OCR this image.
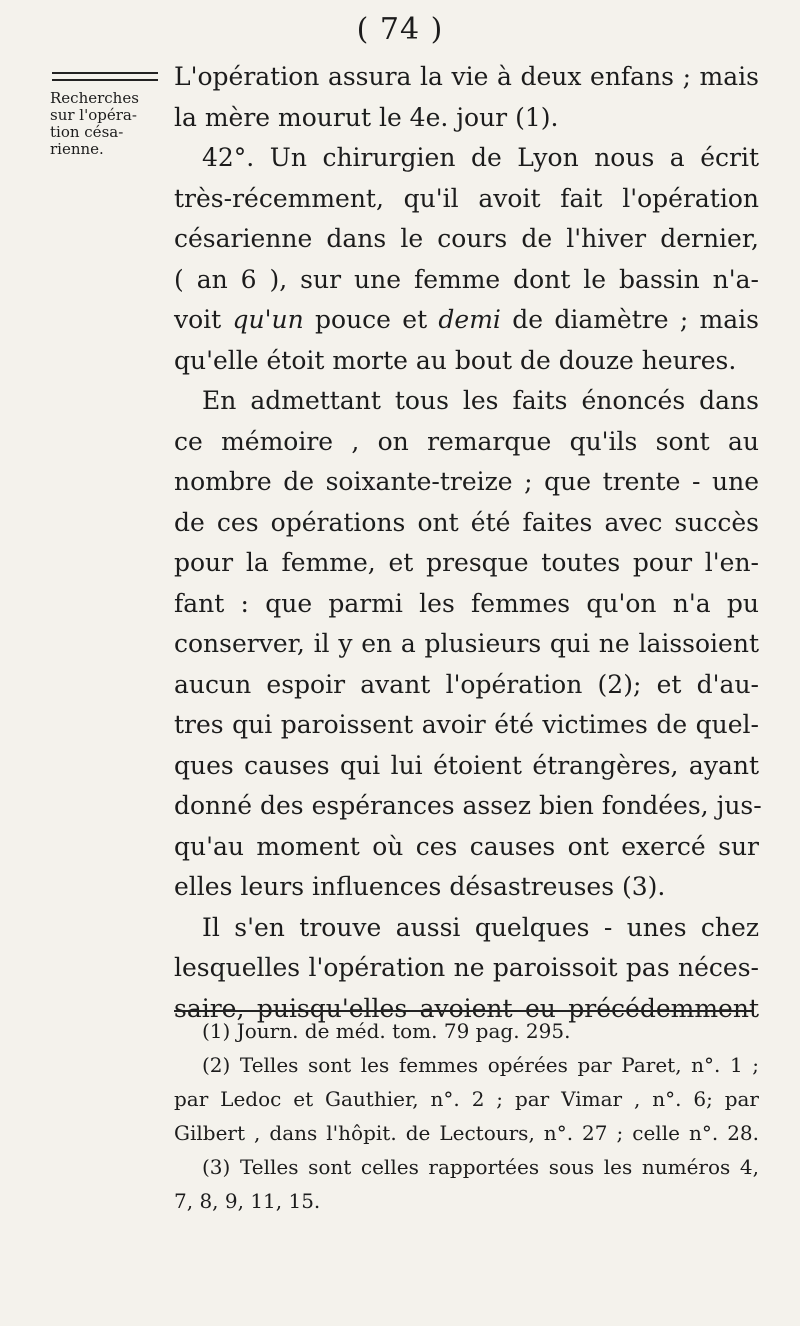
( 74 )
Recherches
sur l'opéra-
tion césa-
rienne.
L'opération assura la vie à deux enfans ; mais
la mère mourut le 4e. jour (1).
42°. Un chirurgien de Lyon nous a écrit
très-récemment, qu'il avoit fait l'opération
césarienne dans le cours de l'hiver dernier,
( an 6 ), sur une femme dont le bassin n'a-
voit qu'un pouce et demi de diamètre ; mais
qu'elle étoit morte au bout de douze heures.
En admettant tous les faits énoncés dans
ce mémoire , on remarque qu'ils sont au
nombre de soixante-treize ; que trente - une
de ces opérations ont été faites avec succès
pour la femme, et presque toutes pour l'en-
fant : que parmi les femmes qu'on n'a pu
conserver, il y en a plusieurs qui ne laissoient
aucun espoir avant l'opération (2); et d'au-
tres qui paroissent avoir été victimes de quel-
ques causes qui lui étoient étrangères, ayant
donné des espérances assez bien fondées, jus-
qu'au moment où ces causes ont exercé sur
elles leurs influences désastreuses (3).
Il s'en trouve aussi quelques - unes chez
lesquelles l'opération ne paroissoit pas néces-
saire, puisqu'elles avoient eu précédemment
(1) Journ. de méd. tom. 79 pag. 295.
(2) Telles sont les femmes opérées par Paret, n°. 1 ;
par Ledoc et Gauthier, n°. 2 ; par Vimar , n°. 6; par
Gilbert , dans l'hôpit. de Lectours, n°. 27 ; celle n°. 28.
(3) Telles sont celles rapportées sous les numéros 4,
7, 8, 9, 11, 15.
